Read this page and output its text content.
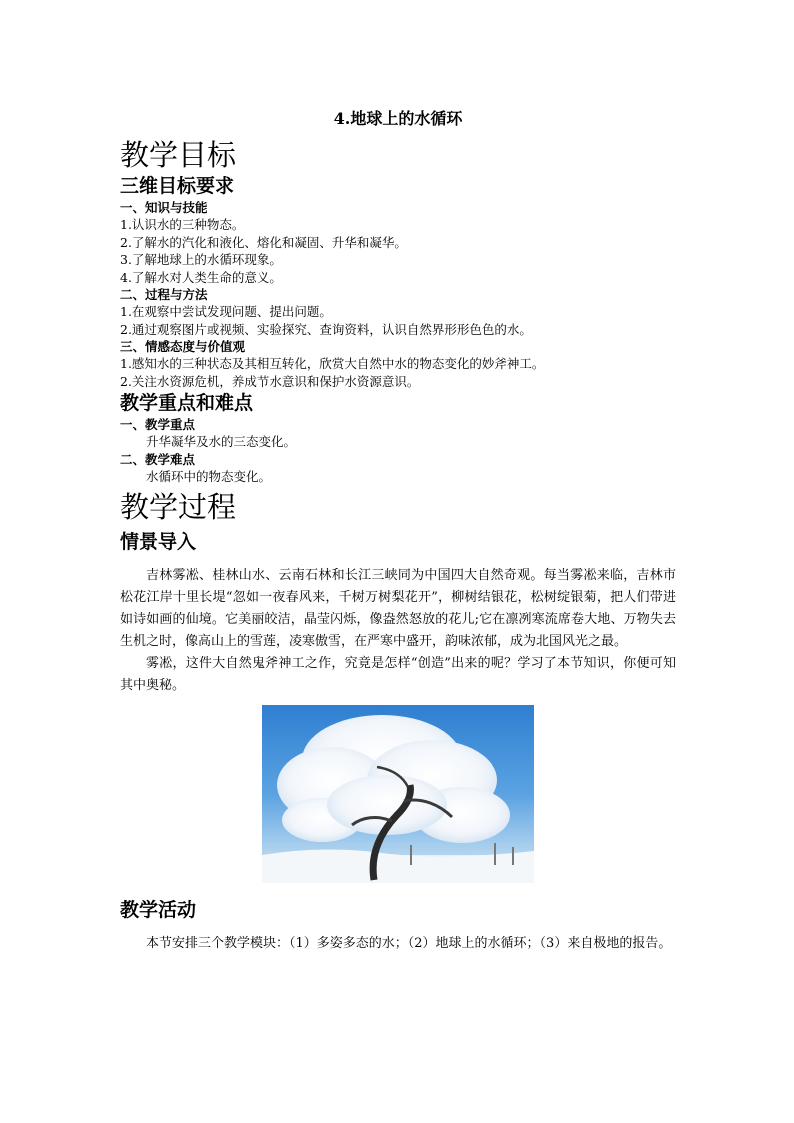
4.地球上的水循环
教学目标
三维目标要求
一、知识与技能
1.认识水的三种物态。
2.了解水的汽化和液化、熔化和凝固、升华和凝华。
3.了解地球上的水循环现象。
4.了解水对人类生命的意义。
二、过程与方法
1.在观察中尝试发现问题、提出问题。
2.通过观察图片或视频、实验探究、查询资料，认识自然界形形色色的水。
三、情感态度与价值观
1.感知水的三种状态及其相互转化，欣赏大自然中水的物态变化的妙斧神工。
2.关注水资源危机，养成节水意识和保护水资源意识。
教学重点和难点
一、教学重点
升华凝华及水的三态变化。
二、教学难点
水循环中的物态变化。
教学过程
情景导入

吉林雾凇、桂林山水、云南石林和长江三峡同为中国四大自然奇观。每当雾凇来临，吉林市松花江岸十里长堤“忽如一夜春风来，千树万树梨花开”，柳树结银花，松树绽银菊，把人们带进如诗如画的仙境。它美丽皎洁，晶莹闪烁，像盎然怒放的花儿;它在凛冽寒流席卷大地、万物失去生机之时，像高山上的雪莲，凌寒傲雪，在严寒中盛开，韵味浓郁，成为北国风光之最。

雾凇，这件大自然鬼斧神工之作，究竟是怎样“创造”出来的呢？学习了本节知识，你便可知其中奥秘。

教学活动

本节安排三个教学模块：（1）多姿多态的水；（2）地球上的水循环；（3）来自极地的报告。
